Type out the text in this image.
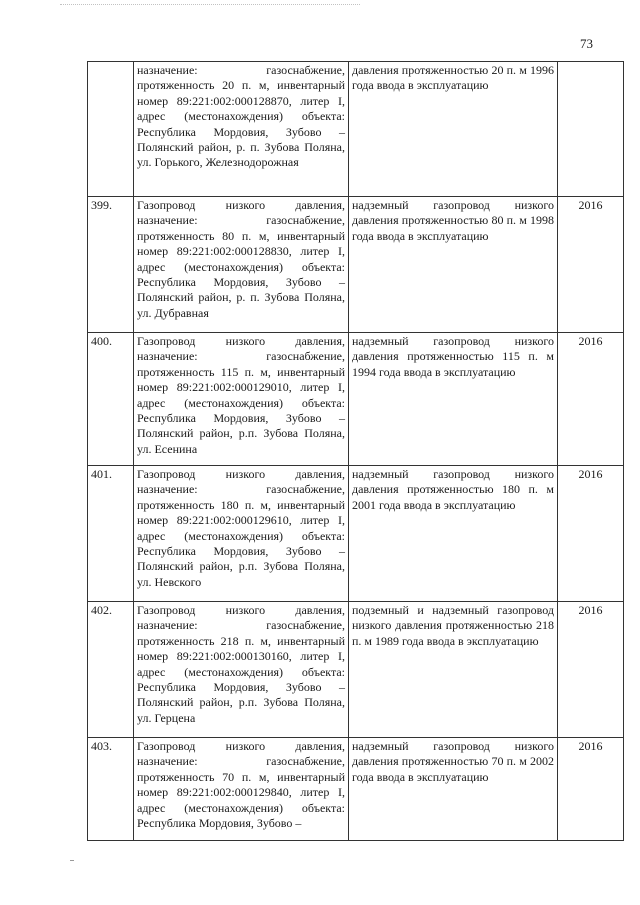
73
	назначение: газоснабжение, протяженность 20 п. м, инвентарный номер 89:221:002:000128870, литер I, адрес (местонахождения) объекта: Республика Мордовия, Зубово – Полянский район, р. п. Зубова Поляна, ул. Горького, Железнодорожная	давления протяженностью 20 п. м 1996 года ввода в эксплуатацию	
399.	Газопровод низкого давления, назначение: газоснабжение, протяженность 80 п. м, инвентарный номер 89:221:002:000128830, литер I, адрес (местонахождения) объекта: Республика Мордовия, Зубово – Полянский район, р. п. Зубова Поляна, ул. Дубравная	надземный газопровод низкого давления протяженностью 80 п. м 1998 года ввода в эксплуатацию	2016
400.	Газопровод низкого давления, назначение: газоснабжение, протяженность 115 п. м, инвентарный номер 89:221:002:000129010, литер I, адрес (местонахождения) объекта: Республика Мордовия, Зубово – Полянский район, р.п. Зубова Поляна, ул. Есенина	надземный газопровод низкого давления протяженностью 115 п. м 1994 года ввода в эксплуатацию	2016
401.	Газопровод низкого давления, назначение: газоснабжение, протяженность 180 п. м, инвентарный номер 89:221:002:000129610, литер I, адрес (местонахождения) объекта: Республика Мордовия, Зубово – Полянский район, р.п. Зубова Поляна, ул. Невского	надземный газопровод низкого давления протяженностью 180 п. м 2001 года ввода в эксплуатацию	2016
402.	Газопровод низкого давления, назначение: газоснабжение, протяженность 218 п. м, инвентарный номер 89:221:002:000130160, литер I, адрес (местонахождения) объекта: Республика Мордовия, Зубово – Полянский район, р.п. Зубова Поляна, ул. Герцена	подземный и надземный газопровод низкого давления протяженностью 218 п. м 1989 года ввода в эксплуатацию	2016
403.	Газопровод низкого давления, назначение: газоснабжение, протяженность 70 п. м, инвентарный номер 89:221:002:000129840, литер I, адрес (местонахождения) объекта: Республика Мордовия, Зубово –	надземный газопровод низкого давления протяженностью 70 п. м 2002 года ввода в эксплуатацию	2016
